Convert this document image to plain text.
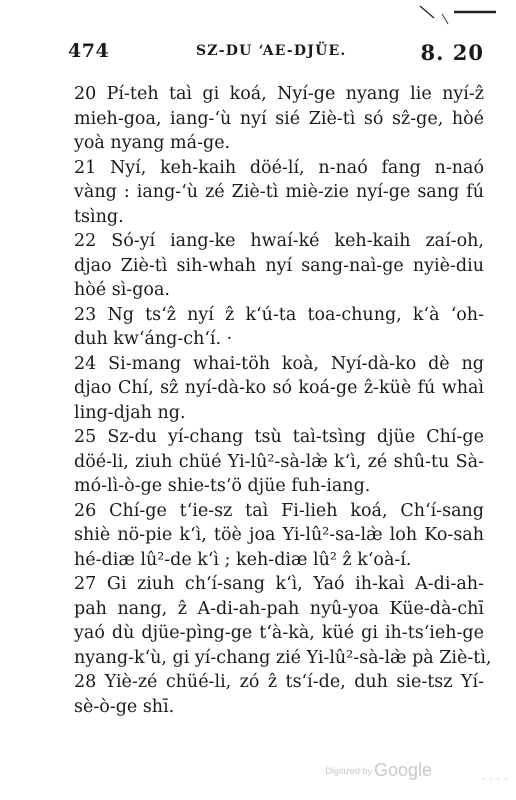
474	SZ-DU ‘AE-DJÜE.	8. 20
20 Pí-teh taì gi koá, Nyí-ge nyang lie nyí-ẑ
mieh-goa, iang-‘ù nyí sié Ziè-tì só sẑ-ge, hòé
yoà nyang má-ge.
21 Nyí, keh-kaih döé-lí, n-naó fang n-naó
vàng : iang-‘ù zé Ziè-tì miè-zie nyí-ge sang fú
tsìng.
22 Só-yí iang-ke hwaí-ké keh-kaih zaí-oh,
djao Ziè-tì sih-whah nyí sang-naì-ge nyiè-diu
hòé sì-goa.
23 Ng ts‘ẑ nyí ẑ k‘ú-ta toa-chung, k‘à ‘oh-
duh kw‘áng-ch‘í. ·
24 Si-mang whai-töh koà, Nyí-dà-ko dè ng
djao Chí, sẑ nyí-dà-ko só koá-ge ẑ-küè fú whaì
ling-djah ng.
25 Sz-du yí-chang tsù taì-tsìng djüe Chí-ge
döé-li, ziuh chüé Yi-lû²-sà-læ̀ k‘ì, zé shû-tu Sà-
mó-lì-ò-ge shie-ts‘ö djüe fuh-iang.
26 Chí-ge t‘ie-sz taì Fi-lieh koá, Ch‘í-sang
shiè nö-pie k‘ì, töè joa Yi-lû²-sa-læ̀ loh Ko-sah
hé-diæ lû²-de k‘ì ; keh-diæ lû² ẑ k‘oà-í.
27 Gi ziuh ch‘í-sang k‘ì, Yaó ih-kaì A-di-ah-
pah nang, ẑ A-di-ah-pah nyû-yoa Küe-dà-chī
yaó dù djüe-pìng-ge t‘à-kà, küé gi ih-ts‘ieh-ge
nyang-k‘ù, gi yí-chang zié Yi-lû²-sà-læ̀ pà Ziè-tì,
28 Yiè-zé chüé-li, zó ẑ ts‘í-de, duh sie-tsz Yí-
sè-ò-ge shī.
Digitized by Google	· · · ·
